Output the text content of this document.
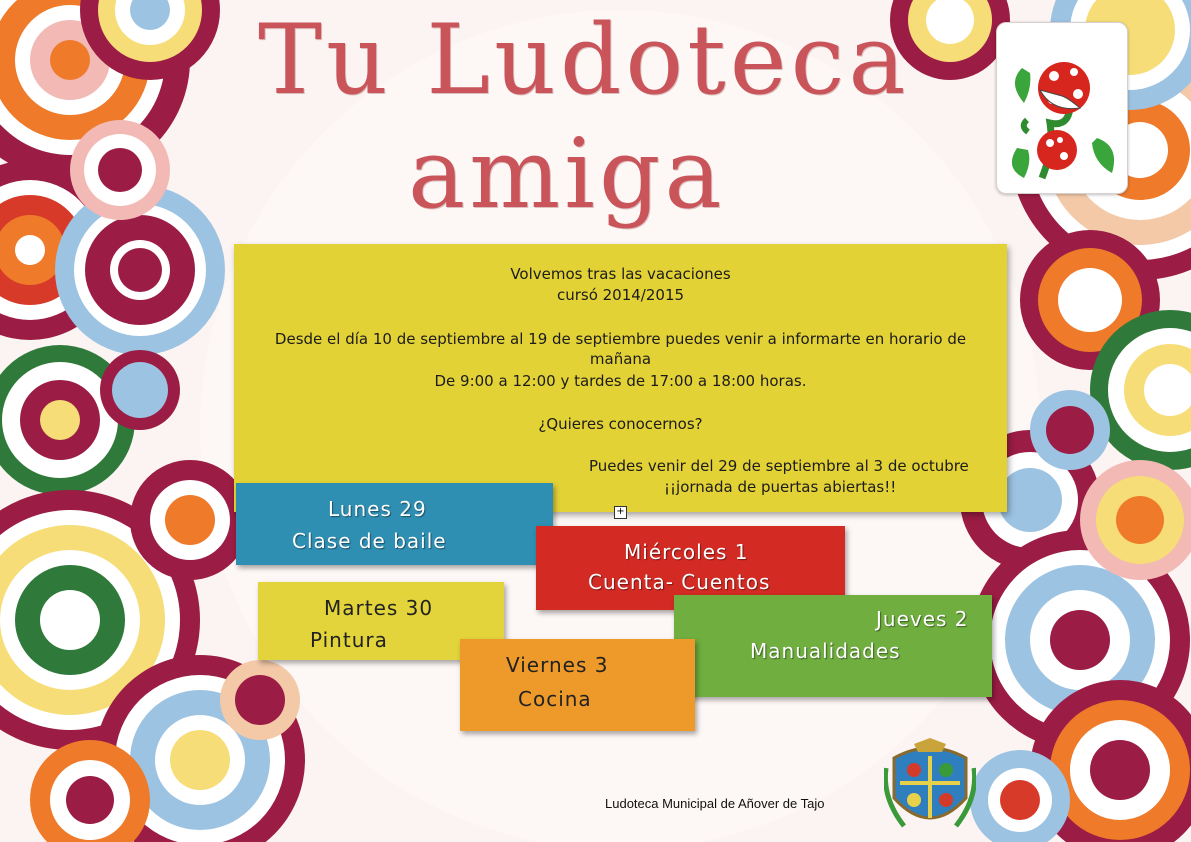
Tu Ludoteca
amiga
Volvemos tras las vacaciones
cursó 2014/2015
Desde el día 10 de septiembre al 19 de septiembre puedes venir a informarte en horario de
mañana
De 9:00 a 12:00 y tardes de 17:00 a 18:00 horas.
¿Quieres conocernos?
Puedes venir del 29 de septiembre al 3 de octubre
¡¡jornada de puertas abiertas!!
Lunes 29
Clase de baile
+
Martes 30
Pintura
Miércoles 1
Cuenta- Cuentos
Jueves 2
Manualidades
Viernes 3
Cocina
Ludoteca Municipal de Añover de Tajo
